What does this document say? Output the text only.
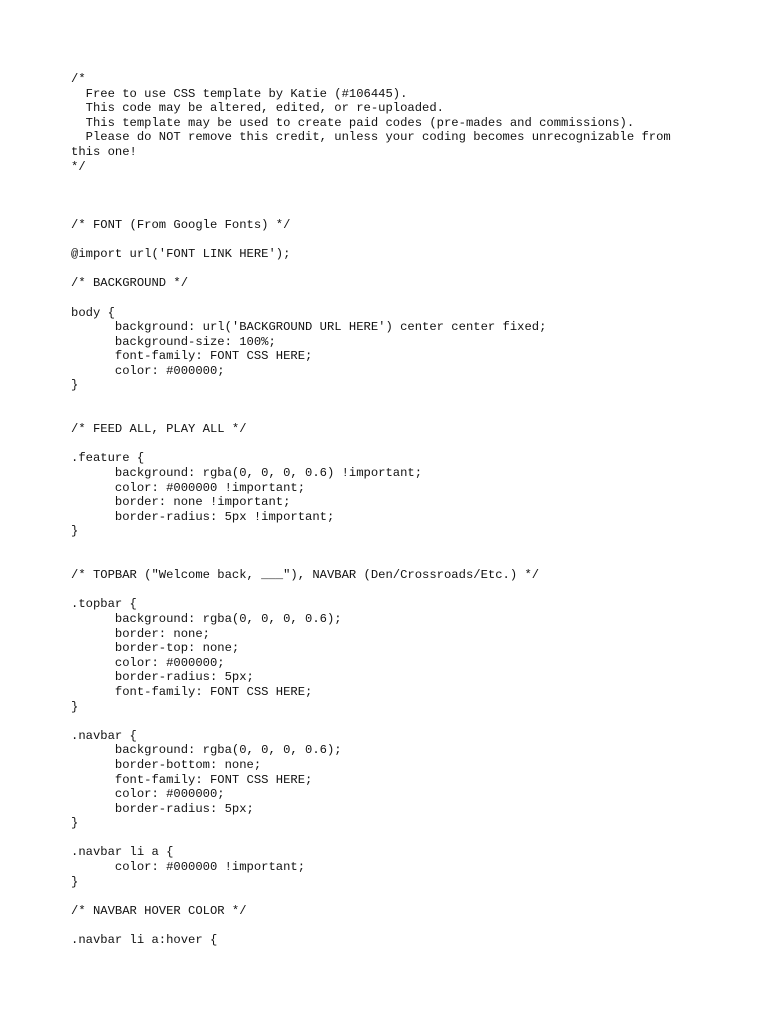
/*
Free to use CSS template by Katie (#106445).
This code may be altered, edited, or re-uploaded.
This template may be used to create paid codes (pre-mades and commissions).
Please do NOT remove this credit, unless your coding becomes unrecognizable from
this one!
*/
/* FONT (From Google Fonts) */
@import url('FONT LINK HERE');
/* BACKGROUND */
body {
background: url('BACKGROUND URL HERE') center center fixed;
background-size: 100%;
font-family: FONT CSS HERE;
color: #000000;
}
/* FEED ALL, PLAY ALL */
.feature {
background: rgba(0, 0, 0, 0.6) !important;
color: #000000 !important;
border: none !important;
border-radius: 5px !important;
}
/* TOPBAR ("Welcome back, ___"), NAVBAR (Den/Crossroads/Etc.) */
.topbar {
background: rgba(0, 0, 0, 0.6);
border: none;
border-top: none;
color: #000000;
border-radius: 5px;
font-family: FONT CSS HERE;
}
.navbar {
background: rgba(0, 0, 0, 0.6);
border-bottom: none;
font-family: FONT CSS HERE;
color: #000000;
border-radius: 5px;
}
.navbar li a {
color: #000000 !important;
}
/* NAVBAR HOVER COLOR */
.navbar li a:hover {
